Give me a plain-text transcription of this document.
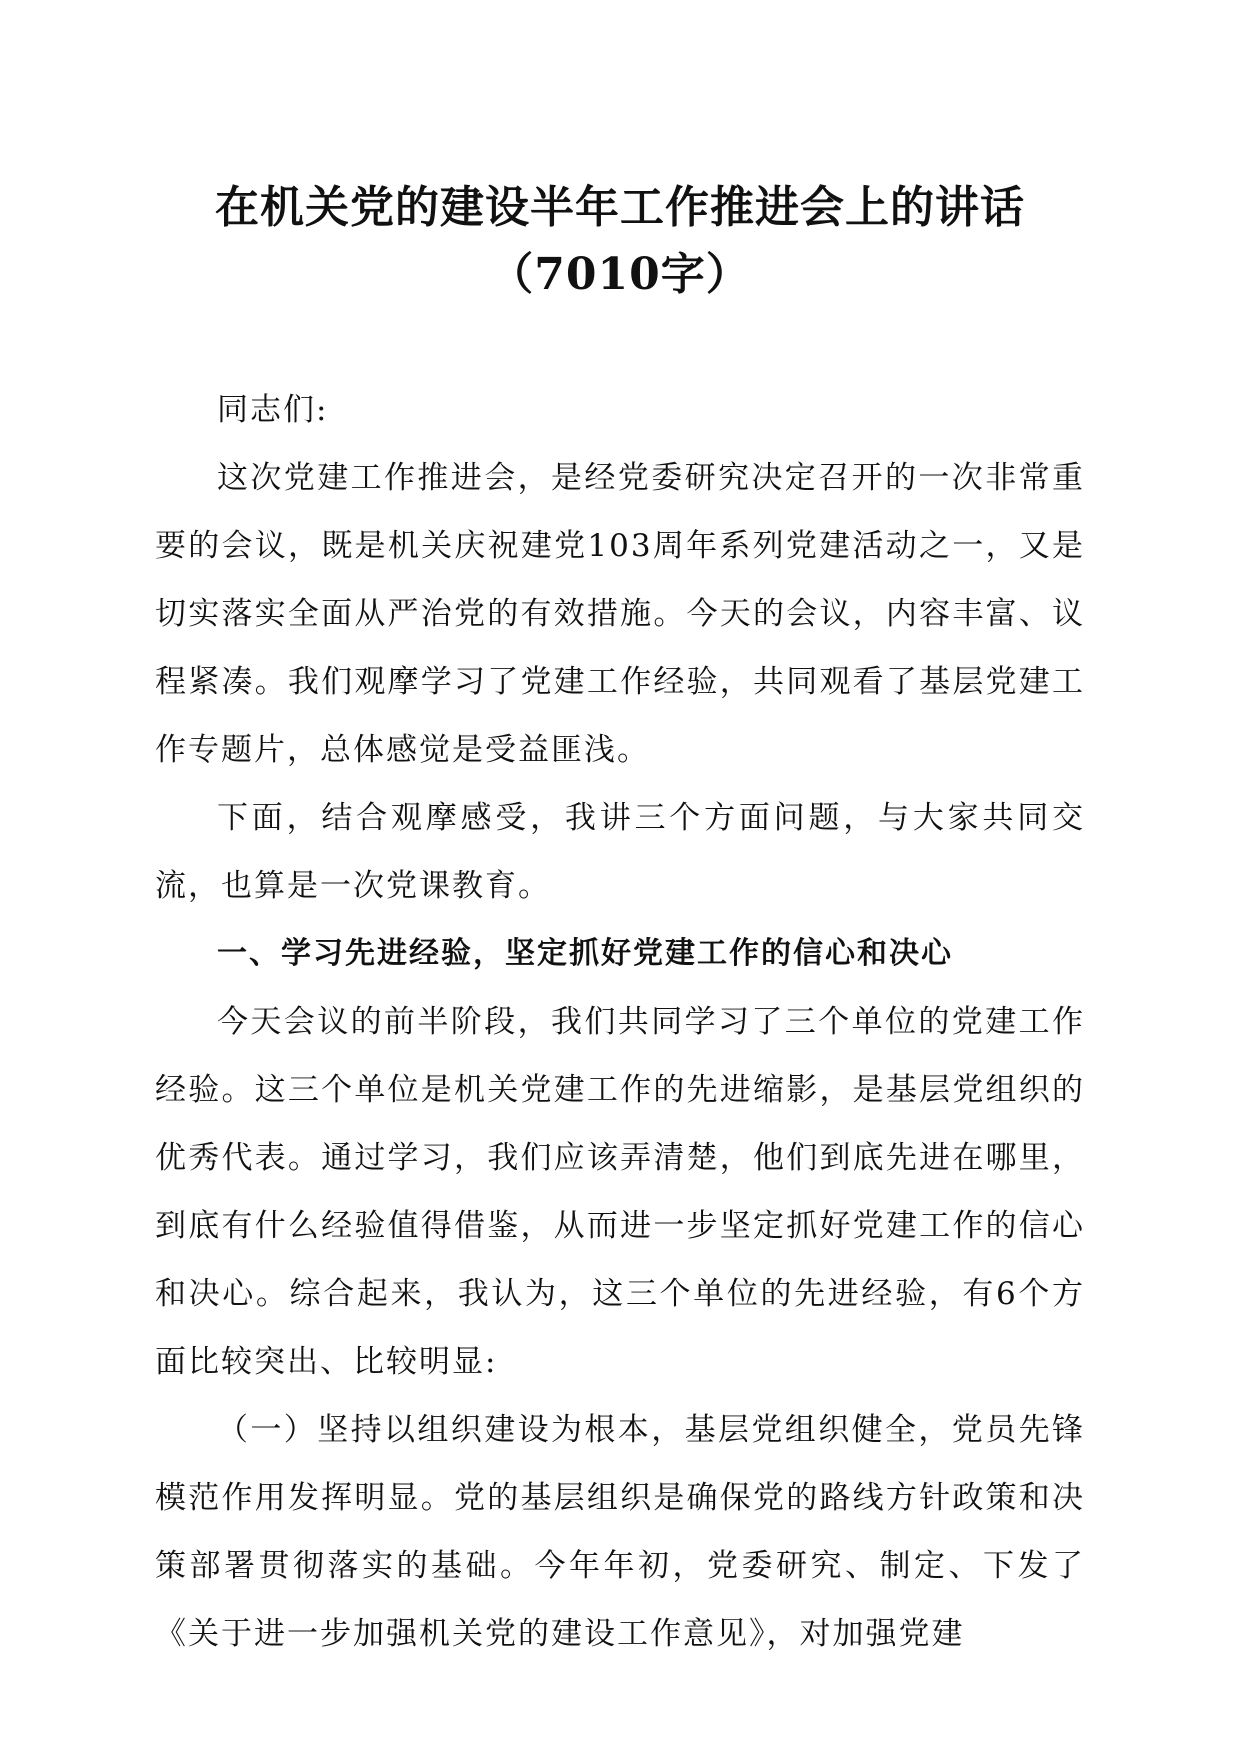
在机关党的建设半年工作推进会上的讲话
（7010字）

同志们:

这次党建工作推进会，是经党委研究决定召开的一次非常重要的会议，既是机关庆祝建党103周年系列党建活动之一，又是切实落实全面从严治党的有效措施。今天的会议，内容丰富、议程紧凑。我们观摩学习了党建工作经验，共同观看了基层党建工作专题片，总体感觉是受益匪浅。

下面，结合观摩感受，我讲三个方面问题，与大家共同交流，也算是一次党课教育。

一、学习先进经验，坚定抓好党建工作的信心和决心

今天会议的前半阶段，我们共同学习了三个单位的党建工作经验。这三个单位是机关党建工作的先进缩影，是基层党组织的优秀代表。通过学习，我们应该弄清楚，他们到底先进在哪里，到底有什么经验值得借鉴，从而进一步坚定抓好党建工作的信心和决心。综合起来，我认为，这三个单位的先进经验，有6个方面比较突出、比较明显:

（一）坚持以组织建设为根本，基层党组织健全，党员先锋模范作用发挥明显。党的基层组织是确保党的路线方针政策和决策部署贯彻落实的基础。今年年初，党委研究、制定、下发了《关于进一步加强机关党的建设工作意见》，对加强党建
